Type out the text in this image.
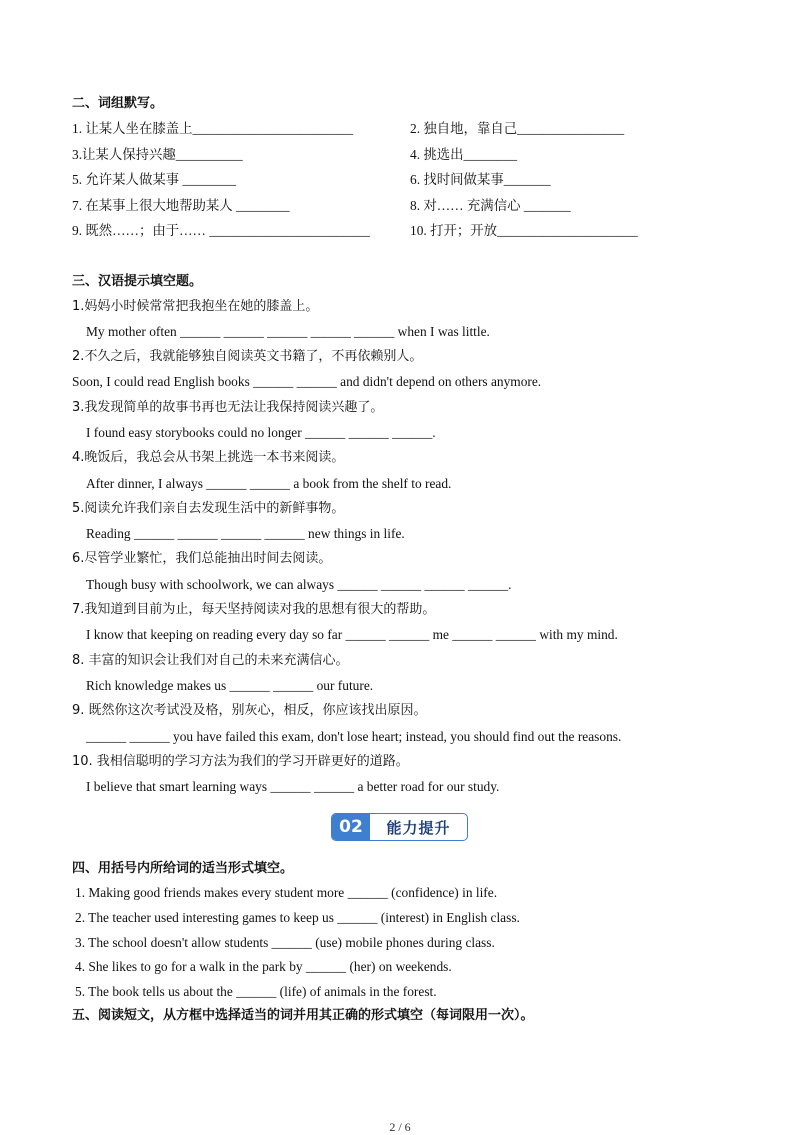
二、词组默写。
1. 让某人坐在膝盖上________________________	2. 独自地，靠自己________________
3.让某人保持兴趣__________	4. 挑选出________
5. 允许某人做某事 ________	6. 找时间做某事_______
7. 在某事上很大地帮助某人 ________	8. 对…… 充满信心 _______
9. 既然……；由于…… ________________________	10. 打开；开放_____________________
三、汉语提示填空题。
1.妈妈小时候常常把我抱坐在她的膝盖上。
My mother often ______ ______ ______ ______ ______ when I was little.
2.不久之后，我就能够独自阅读英文书籍了，不再依赖别人。
Soon, I could read English books ______ ______ and didn't depend on others anymore.
3.我发现简单的故事书再也无法让我保持阅读兴趣了。
I found easy storybooks could no longer ______ ______ ______.
4.晚饭后，我总会从书架上挑选一本书来阅读。
After dinner, I always ______ ______ a book from the shelf to read.
5.阅读允许我们亲自去发现生活中的新鲜事物。
Reading ______ ______ ______ ______ new things in life.
6.尽管学业繁忙，我们总能抽出时间去阅读。
Though busy with schoolwork, we can always ______ ______ ______ ______.
7.我知道到目前为止，每天坚持阅读对我的思想有很大的帮助。
I know that keeping on reading every day so far ______ ______ me ______ ______ with my mind.
8. 丰富的知识会让我们对自己的未来充满信心。
Rich knowledge makes us ______ ______ our future.
9. 既然你这次考试没及格，别灰心，相反，你应该找出原因。
______ ______ you have failed this exam, don't lose heart; instead, you should find out the reasons.
10. 我相信聪明的学习方法为我们的学习开辟更好的道路。
I believe that smart learning ways ______ ______ a better road for our study.
02	能力提升
四、用括号内所给词的适当形式填空。
1. Making good friends makes every student more ______ (confidence) in life.
2. The teacher used interesting games to keep us ______ (interest) in English class.
3. The school doesn't allow students ______ (use) mobile phones during class.
4. She likes to go for a walk in the park by ______ (her) on weekends.
5. The book tells us about the ______ (life) of animals in the forest.
五、阅读短文，从方框中选择适当的词并用其正确的形式填空（每词限用一次）。
2 / 6
